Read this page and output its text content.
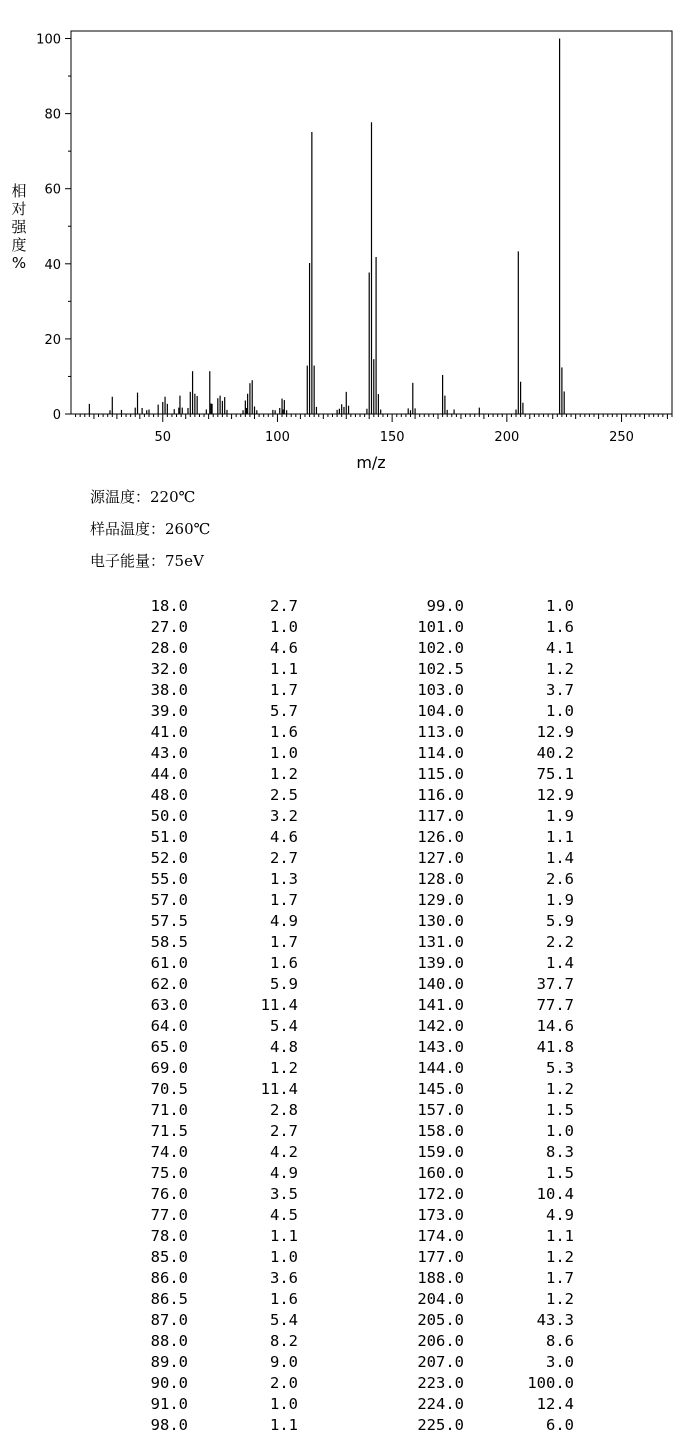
0
20
40
60
80
100
50	100	150	200	250
m/z
相
对
强
度
%
源温度：220℃
样品温度：260℃
电子能量：75eV
18.0	2.7	99.0	1.0
27.0	1.0	101.0	1.6
28.0	4.6	102.0	4.1
32.0	1.1	102.5	1.2
38.0	1.7	103.0	3.7
39.0	5.7	104.0	1.0
41.0	1.6	113.0	12.9
43.0	1.0	114.0	40.2
44.0	1.2	115.0	75.1
48.0	2.5	116.0	12.9
50.0	3.2	117.0	1.9
51.0	4.6	126.0	1.1
52.0	2.7	127.0	1.4
55.0	1.3	128.0	2.6
57.0	1.7	129.0	1.9
57.5	4.9	130.0	5.9
58.5	1.7	131.0	2.2
61.0	1.6	139.0	1.4
62.0	5.9	140.0	37.7
63.0	11.4	141.0	77.7
64.0	5.4	142.0	14.6
65.0	4.8	143.0	41.8
69.0	1.2	144.0	5.3
70.5	11.4	145.0	1.2
71.0	2.8	157.0	1.5
71.5	2.7	158.0	1.0
74.0	4.2	159.0	8.3
75.0	4.9	160.0	1.5
76.0	3.5	172.0	10.4
77.0	4.5	173.0	4.9
78.0	1.1	174.0	1.1
85.0	1.0	177.0	1.2
86.0	3.6	188.0	1.7
86.5	1.6	204.0	1.2
87.0	5.4	205.0	43.3
88.0	8.2	206.0	8.6
89.0	9.0	207.0	3.0
90.0	2.0	223.0	100.0
91.0	1.0	224.0	12.4
98.0	1.1	225.0	6.0
